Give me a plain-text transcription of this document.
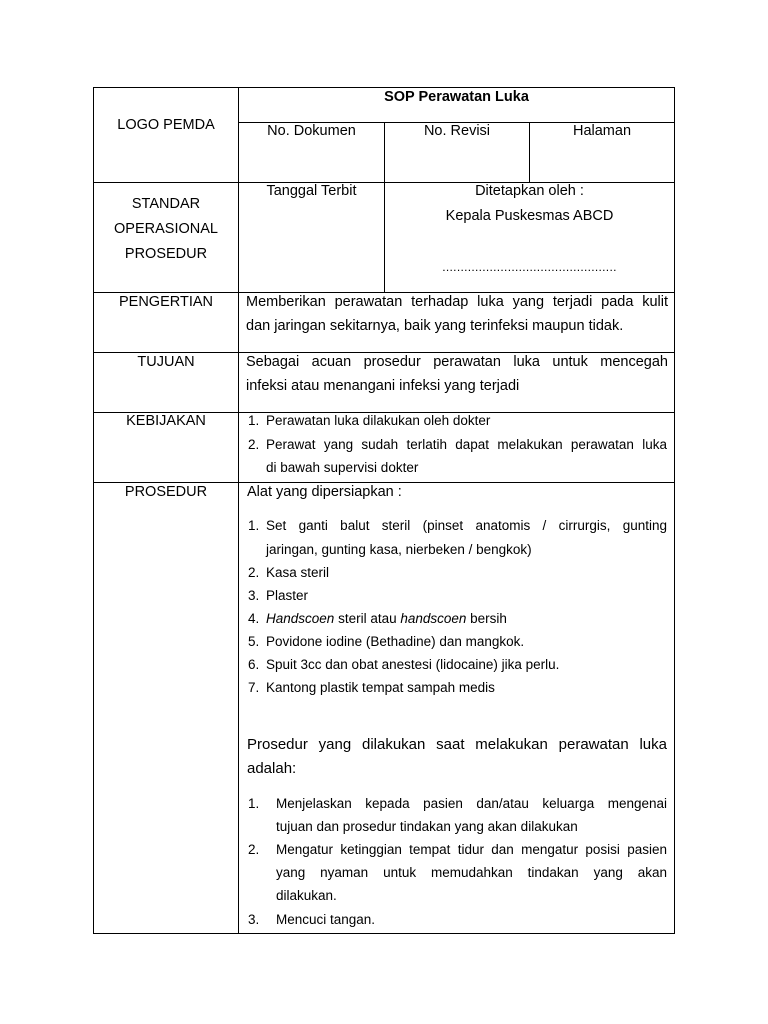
LOGO PEMDA
SOP Perawatan Luka
No. Dokumen	No. Revisi	Halaman
STANDAR
OPERASIONAL
PROSEDUR
Tanggal Terbit	Ditetapkan oleh :
Kepala Puskesmas ABCD
................................................
PENGERTIAN	Memberikan perawatan terhadap luka yang terjadi pada kulit
dan jaringan sekitarnya, baik yang terinfeksi maupun tidak.
TUJUAN	Sebagai acuan prosedur perawatan luka untuk mencegah
infeksi atau menangani infeksi yang terjadi
KEBIJAKAN	1. Perawatan luka dilakukan oleh dokter
2. Perawat yang sudah terlatih dapat melakukan perawatan luka
di bawah supervisi dokter
PROSEDUR	Alat yang dipersiapkan :
1. Set ganti balut steril (pinset anatomis / cirrurgis, gunting
jaringan, gunting kasa, nierbeken / bengkok)
2. Kasa steril
3. Plaster
4. Handscoen steril atau handscoen bersih
5. Povidone iodine (Bethadine) dan mangkok.
6. Spuit 3cc dan obat anestesi (lidocaine) jika perlu.
7. Kantong plastik tempat sampah medis
Prosedur yang dilakukan saat melakukan perawatan luka
adalah:
1. Menjelaskan kepada pasien dan/atau keluarga mengenai
tujuan dan prosedur tindakan yang akan dilakukan
2. Mengatur ketinggian tempat tidur dan mengatur posisi pasien
yang nyaman untuk memudahkan tindakan yang akan
dilakukan.
3. Mencuci tangan.
